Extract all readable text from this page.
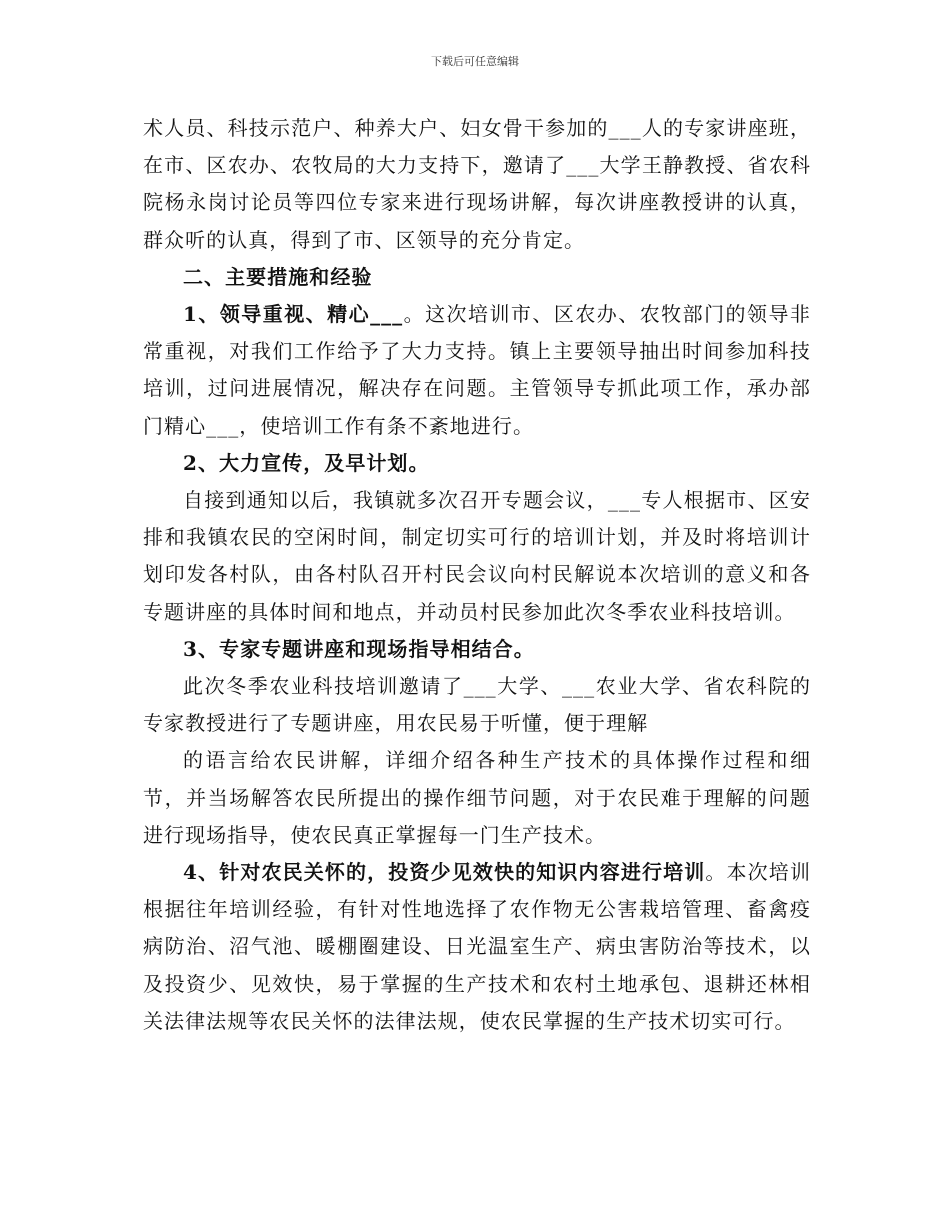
下载后可任意编辑

术人员、科技示范户、种养大户、妇女骨干参加的___人的专家讲座班，在市、区农办、农牧局的大力支持下，邀请了___大学王静教授、省农科院杨永岗讨论员等四位专家来进行现场讲解，每次讲座教授讲的认真，群众听的认真，得到了市、区领导的充分肯定。

二、主要措施和经验

1、领导重视、精心___。这次培训市、区农办、农牧部门的领导非常重视，对我们工作给予了大力支持。镇上主要领导抽出时间参加科技培训，过问进展情况，解决存在问题。主管领导专抓此项工作，承办部门精心___，使培训工作有条不紊地进行。

2、大力宣传，及早计划。

自接到通知以后，我镇就多次召开专题会议，___专人根据市、区安排和我镇农民的空闲时间，制定切实可行的培训计划，并及时将培训计划印发各村队，由各村队召开村民会议向村民解说本次培训的意义和各专题讲座的具体时间和地点，并动员村民参加此次冬季农业科技培训。

3、专家专题讲座和现场指导相结合。

此次冬季农业科技培训邀请了___大学、___农业大学、省农科院的专家教授进行了专题讲座，用农民易于听懂，便于理解

的语言给农民讲解，详细介绍各种生产技术的具体操作过程和细节，并当场解答农民所提出的操作细节问题，对于农民难于理解的问题进行现场指导，使农民真正掌握每一门生产技术。

4、针对农民关怀的，投资少见效快的知识内容进行培训。本次培训根据往年培训经验，有针对性地选择了农作物无公害栽培管理、畜禽疫病防治、沼气池、暖棚圈建设、日光温室生产、病虫害防治等技术，以及投资少、见效快，易于掌握的生产技术和农村土地承包、退耕还林相关法律法规等农民关怀的法律法规，使农民掌握的生产技术切实可行。
